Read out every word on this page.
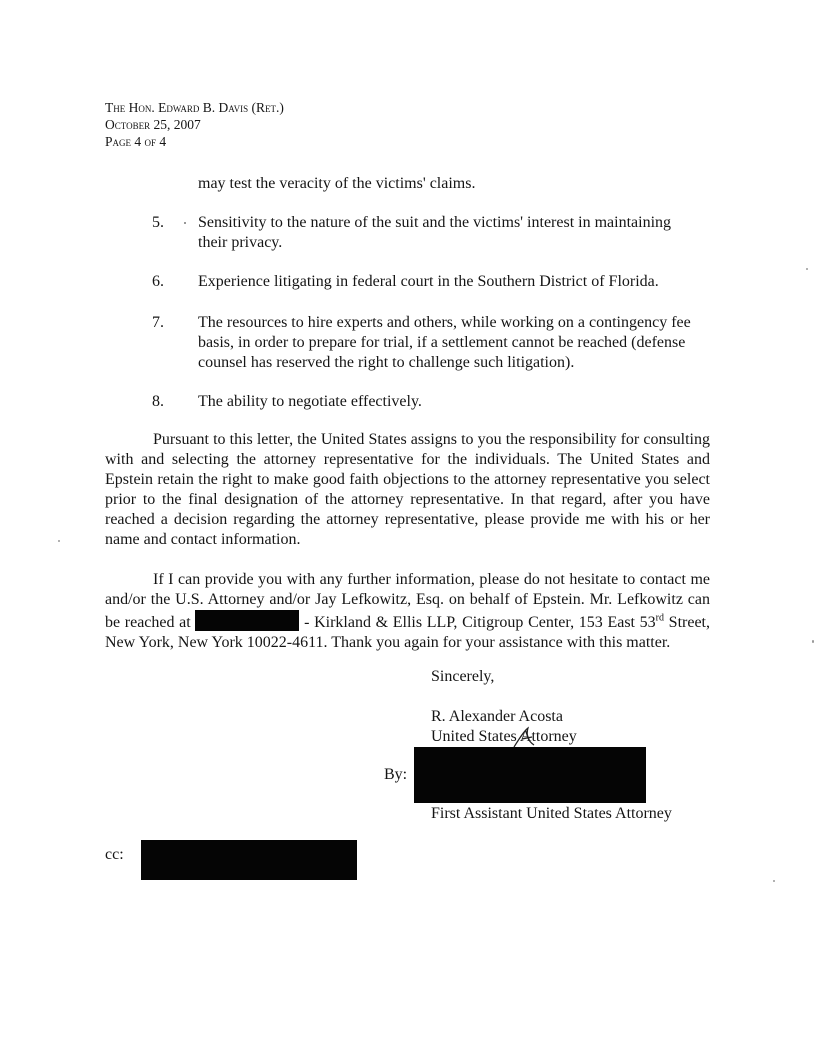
The Hon. Edward B. Davis (Ret.)
October 25, 2007
Page 4 of 4
may test the veracity of the victims' claims.
5.	Sensitivity to the nature of the suit and the victims' interest in maintaining their privacy.
6.	Experience litigating in federal court in the Southern District of Florida.
7.	The resources to hire experts and others, while working on a contingency fee basis, in order to prepare for trial, if a settlement cannot be reached (defense counsel has reserved the right to challenge such litigation).
8.	The ability to negotiate effectively.
Pursuant to this letter, the United States assigns to you the responsibility for consulting with and selecting the attorney representative for the individuals. The United States and Epstein retain the right to make good faith objections to the attorney representative you select prior to the final designation of the attorney representative. In that regard, after you have reached a decision regarding the attorney representative, please provide me with his or her name and contact information.
If I can provide you with any further information, please do not hesitate to contact me and/or the U.S. Attorney and/or Jay Lefkowitz, Esq. on behalf of Epstein. Mr. Lefkowitz can be reached at	- Kirkland & Ellis LLP, Citigroup Center, 153 East 53rd Street, New York, New York 10022-4611. Thank you again for your assistance with this matter.
Sincerely,
R. Alexander Acosta
United States Attorney
By:
First Assistant United States Attorney
cc:
